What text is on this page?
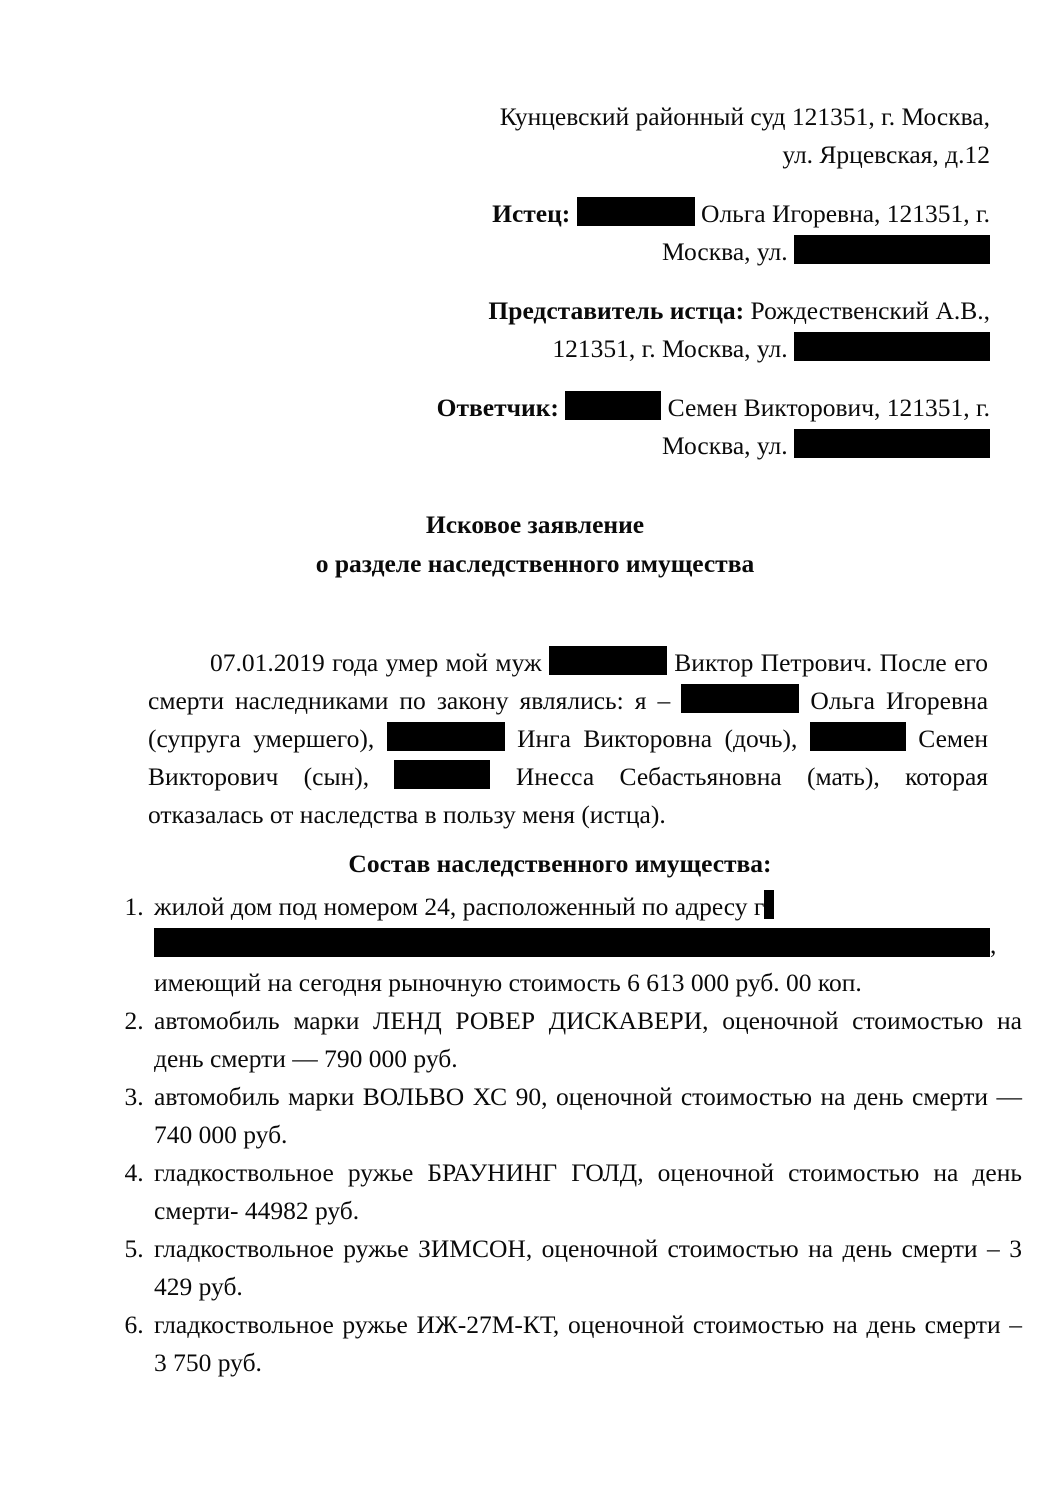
Кунцевский районный суд 121351, г. Москва,
ул. Ярцевская, д.12
Истец:	Ольга Игоревна, 121351, г. Москва, ул.
Представитель истца: Рождественский А.В., 121351, г. Москва, ул.
Ответчик:	Семен Викторович, 121351, г. Москва, ул.
Исковое заявление
о разделе наследственного имущества

07.01.2019 года умер мой муж	Виктор Петрович. После его смерти наследниками по закону являлись: я –	Ольга Игоревна (супруга умершего),	Инга Викторовна (дочь),	Семен Викторович (сын),	Инесса Себастьяновна (мать), которая отказалась от наследства в пользу меня (истца).

Состав наследственного имущества:
1. жилой дом под номером 24, расположенный по адресу г
,
имеющий на сегодня рыночную стоимость 6 613 000 руб. 00 коп.
2. автомобиль марки ЛЕНД РОВЕР ДИСКАВЕРИ, оценочной стоимостью на день смерти — 790 000 руб.
3. автомобиль марки ВОЛЬВО ХС 90, оценочной стоимостью на день смерти — 740 000 руб.
4. гладкоствольное ружье БРАУНИНГ ГОЛД, оценочной стоимостью на день смерти- 44982 руб.
5. гладкоствольное ружье ЗИМСОН, оценочной стоимостью на день смерти – 3 429 руб.
6. гладкоствольное ружье ИЖ-27М-КТ, оценочной стоимостью на день смерти – 3 750 руб.
